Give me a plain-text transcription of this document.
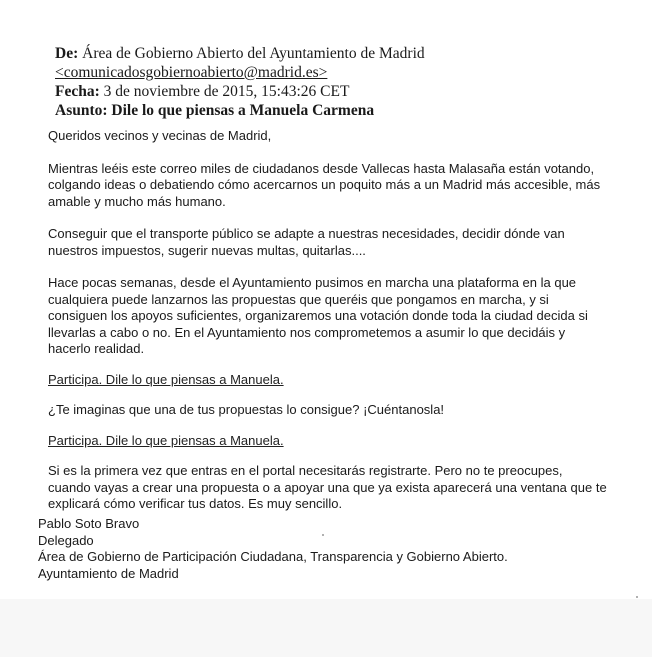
De: Área de Gobierno Abierto del Ayuntamiento de Madrid
<comunicadosgobiernoabierto@madrid.es>
Fecha: 3 de noviembre de 2015, 15:43:26 CET
Asunto: Dile lo que piensas a Manuela Carmena

Queridos vecinos y vecinas de Madrid,

Mientras leéis este correo miles de ciudadanos desde Vallecas hasta Malasaña están votando, colgando ideas o debatiendo cómo acercarnos un poquito más a un Madrid más accesible, más amable y mucho más humano.

Conseguir que el transporte público se adapte a nuestras necesidades, decidir dónde van nuestros impuestos, sugerir nuevas multas, quitarlas....

Hace pocas semanas, desde el Ayuntamiento pusimos en marcha una plataforma en la que cualquiera puede lanzarnos las propuestas que queréis que pongamos en marcha, y si consiguen los apoyos suficientes, organizaremos una votación donde toda la ciudad decida si llevarlas a cabo o no. En el Ayuntamiento nos comprometemos a asumir lo que decidáis y hacerlo realidad.

Participa. Dile lo que piensas a Manuela.

¿Te imaginas que una de tus propuestas lo consigue? ¡Cuéntanosla!

Participa. Dile lo que piensas a Manuela.

Si es la primera vez que entras en el portal necesitarás registrarte. Pero no te preocupes, cuando vayas a crear una propuesta o a apoyar una que ya exista aparecerá una ventana que te explicará cómo verificar tus datos. Es muy sencillo.

Pablo Soto Bravo
Delegado
Área de Gobierno de Participación Ciudadana, Transparencia y Gobierno Abierto.
Ayuntamiento de Madrid
